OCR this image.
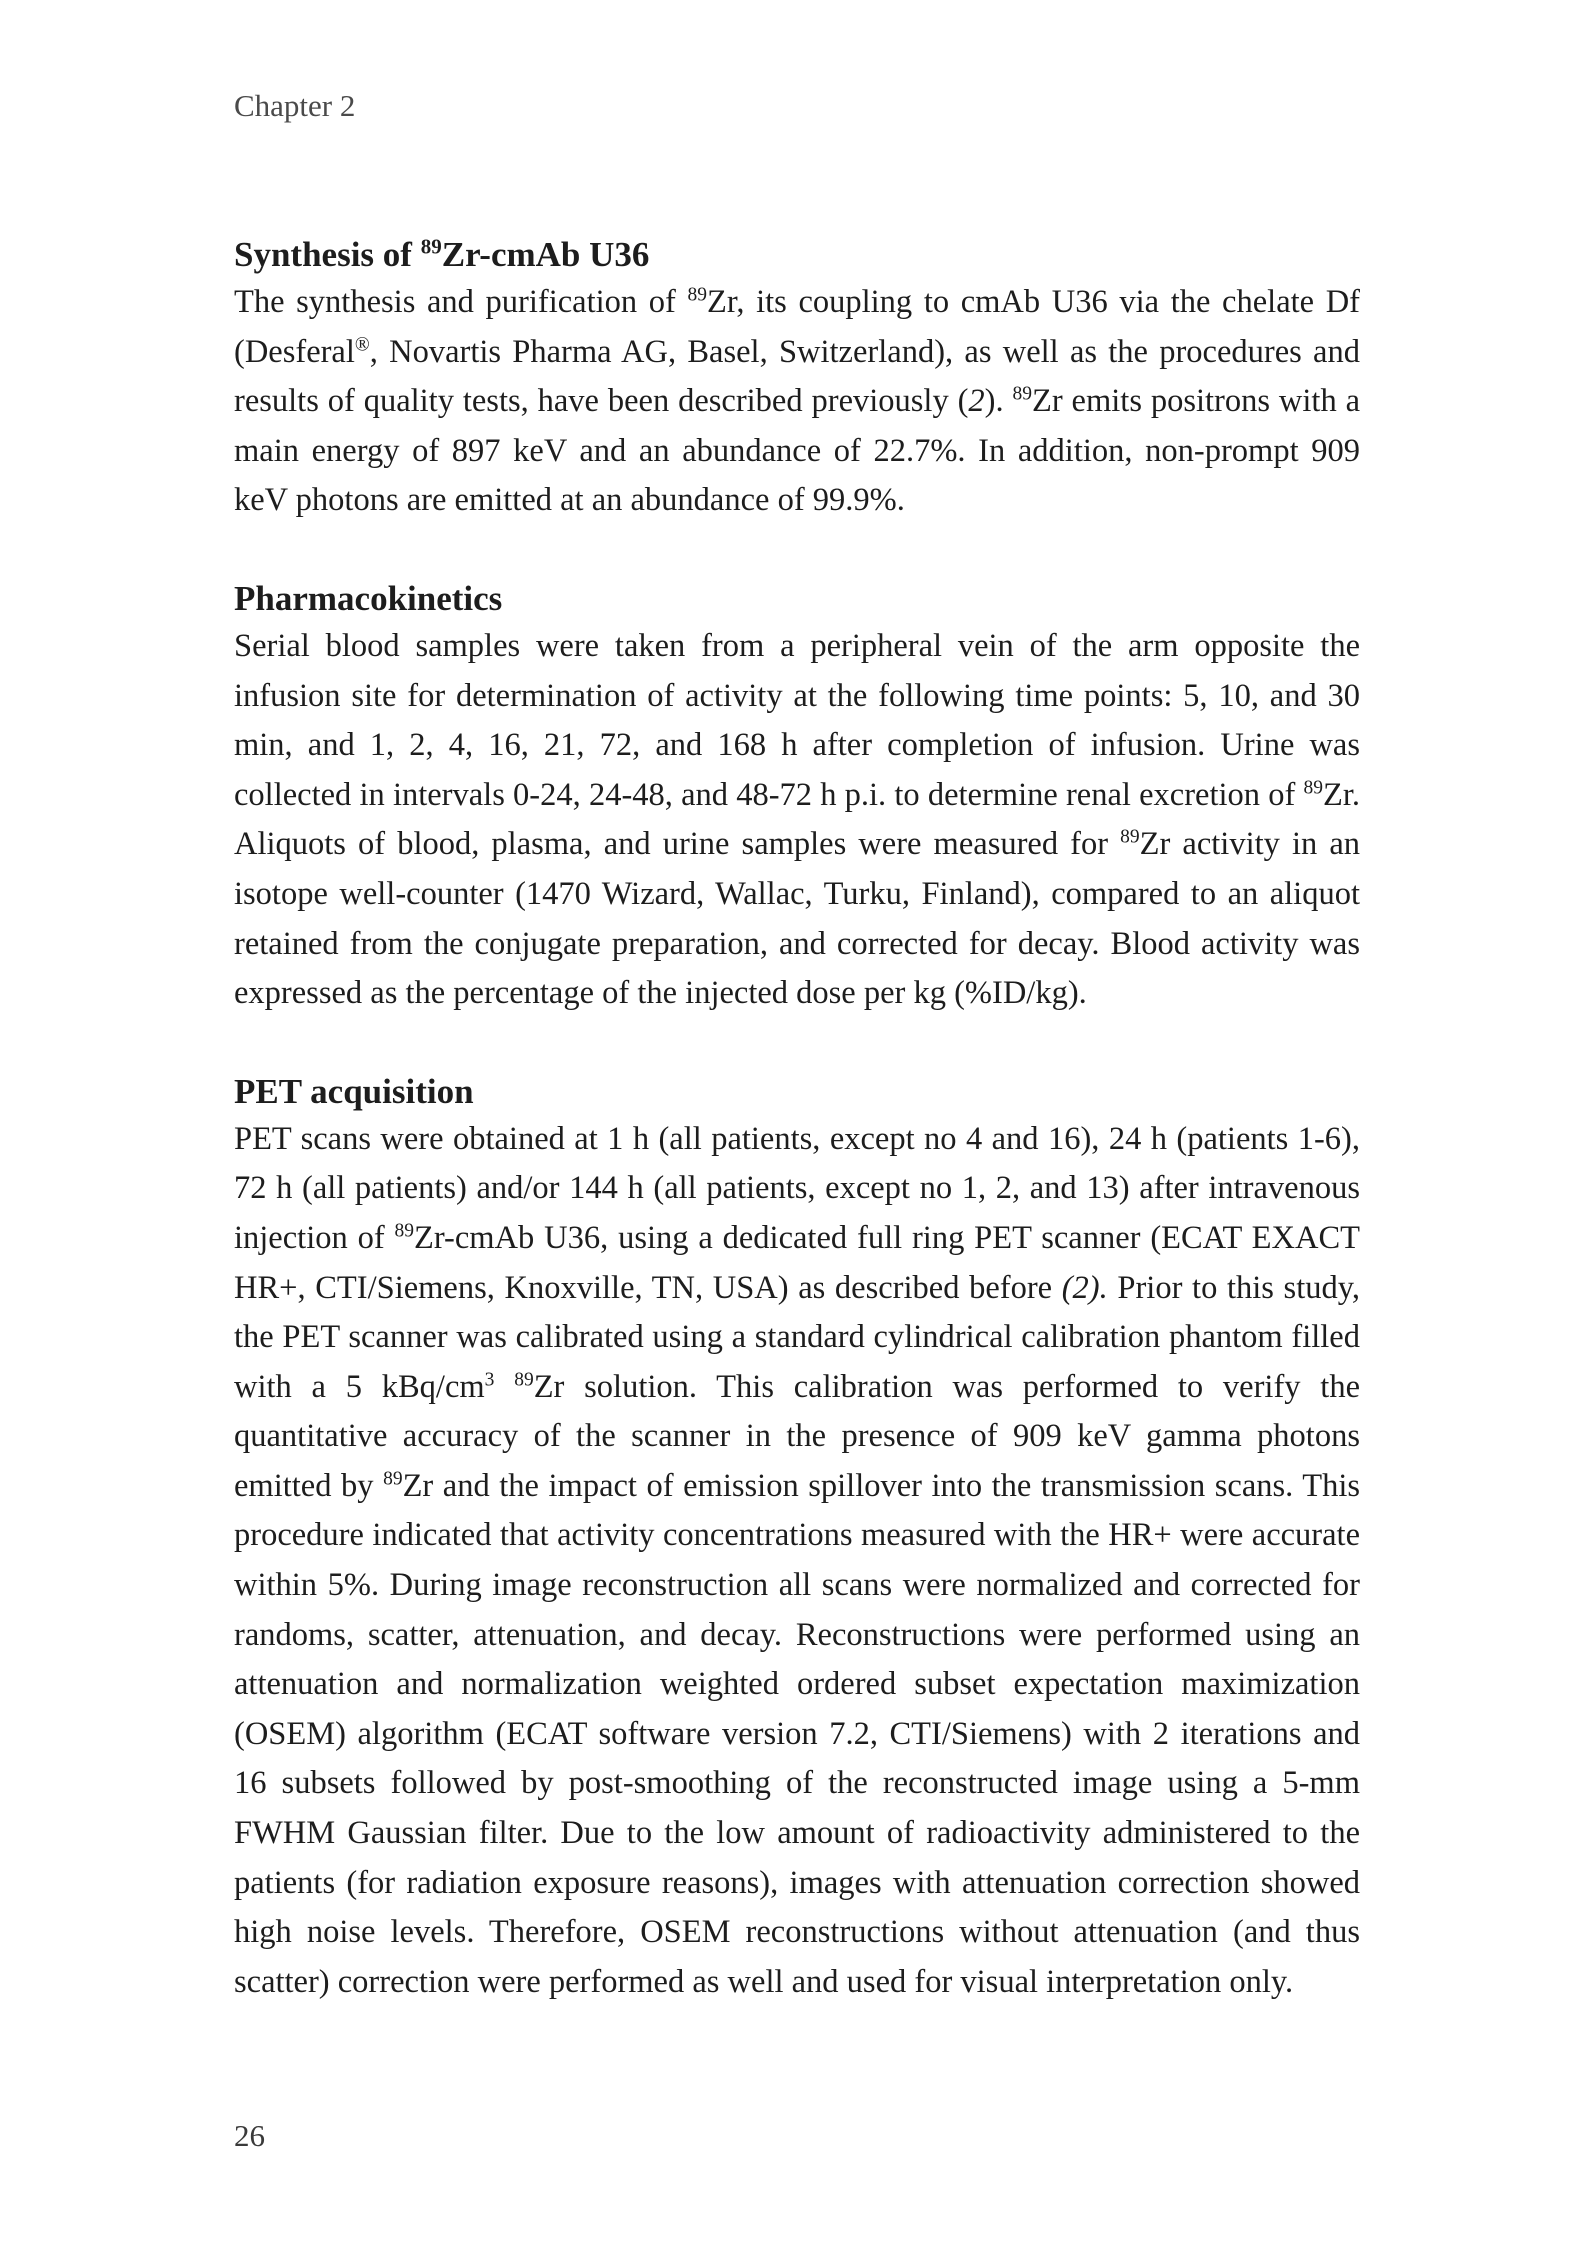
Chapter 2
Synthesis of $^{89}$Zr-cmAb U36

The synthesis and purification of $^{89}$Zr, its coupling to cmAb U36 via the chelate Df (Desferal®, Novartis Pharma AG, Basel, Switzerland), as well as the procedures and results of quality tests, have been described previously (2). $^{89}$Zr emits positrons with a main energy of 897 keV and an abundance of 22.7%. In addition, non-prompt 909 keV photons are emitted at an abundance of 99.9%.

Pharmacokinetics

Serial blood samples were taken from a peripheral vein of the arm opposite the infusion site for determination of activity at the following time points: 5, 10, and 30 min, and 1, 2, 4, 16, 21, 72, and 168 h after completion of infusion. Urine was collected in intervals 0-24, 24-48, and 48-72 h p.i. to determine renal excretion of $^{89}$Zr. Aliquots of blood, plasma, and urine samples were measured for $^{89}$Zr activity in an isotope well-counter (1470 Wizard, Wallac, Turku, Finland), compared to an aliquot retained from the conjugate preparation, and corrected for decay. Blood activity was expressed as the percentage of the injected dose per kg (%ID/kg).

PET acquisition

PET scans were obtained at 1 h (all patients, except no 4 and 16), 24 h (patients 1-6), 72 h (all patients) and/or 144 h (all patients, except no 1, 2, and 13) after intravenous injection of $^{89}$Zr-cmAb U36, using a dedicated full ring PET scanner (ECAT EXACT HR+, CTI/Siemens, Knoxville, TN, USA) as described before (2). Prior to this study, the PET scanner was calibrated using a standard cylindrical calibration phantom filled with a 5 kBq/$cm^3$ $^{89}$Zr solution. This calibration was performed to verify the quantitative accuracy of the scanner in the presence of 909 keV gamma photons emitted by $^{89}$Zr and the impact of emission spillover into the transmission scans. This procedure indicated that activity concentrations measured with the HR+ were accurate within 5%. During image reconstruction all scans were normalized and corrected for randoms, scatter, attenuation, and decay. Reconstructions were performed using an attenuation and normalization weighted ordered subset expectation maximization (OSEM) algorithm (ECAT software version 7.2, CTI/Siemens) with 2 iterations and 16 subsets followed by post-smoothing of the reconstructed image using a 5-mm FWHM Gaussian filter. Due to the low amount of radioactivity administered to the patients (for radiation exposure reasons), images with attenuation correction showed high noise levels. Therefore, OSEM reconstructions without attenuation (and thus scatter) correction were performed as well and used for visual interpretation only.

26
